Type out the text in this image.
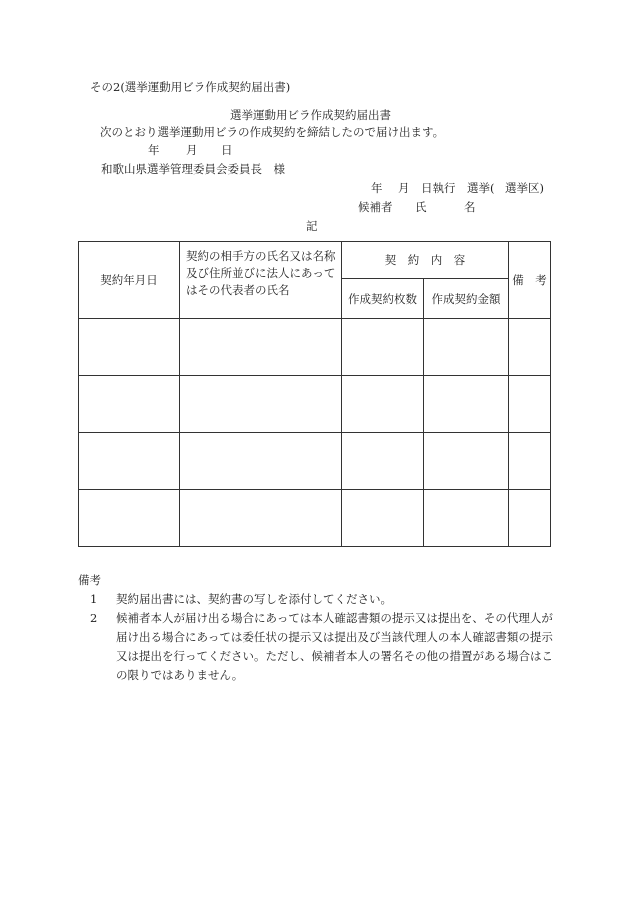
その2(選挙運動用ビラ作成契約届出書)
選挙運動用ビラ作成契約届出書
次のとおり選挙運動用ビラの作成契約を締結したので届け出ます。
年 月 日
和歌山県選挙管理委員会委員長　様
年 月 日執行 選挙( 選挙区)
候補者 氏	名
記
契約年月日	契約の相手方の氏名又は名称及び住所並びに法人にあってはその代表者の氏名	契　約　内　容		備　考
		作成契約枚数	作成契約金額	

備考
1	契約届出書には、契約書の写しを添付してください。
2	候補者本人が届け出る場合にあっては本人確認書類の提示又は提出を、その代理人が届け出る場合にあっては委任状の提示又は提出及び当該代理人の本人確認書類の提示又は提出を行ってください。ただし、候補者本人の署名その他の措置がある場合はこの限りではありません。
